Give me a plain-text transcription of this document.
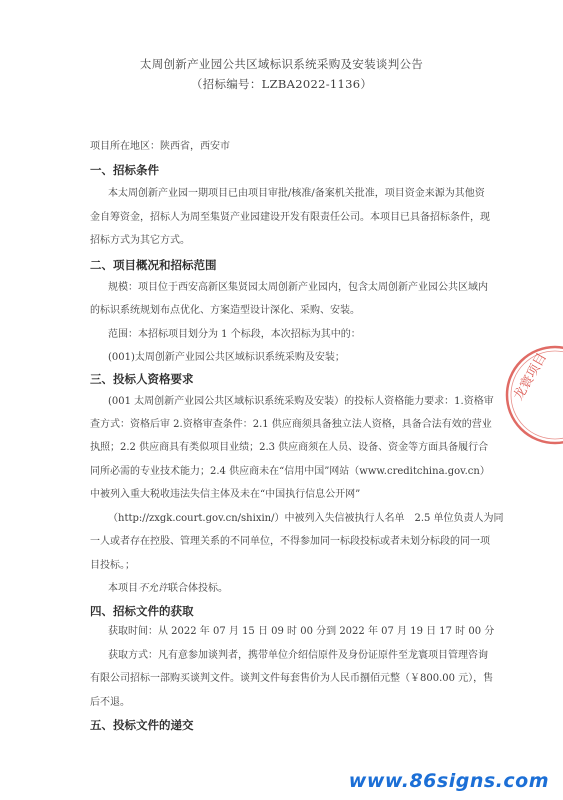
太周创新产业园公共区域标识系统采购及安装谈判公告
（招标编号：LZBA2022-1136）
项目所在地区：陕西省，西安市
一、招标条件
本太周创新产业园一期项目已由项目审批/核准/备案机关批准，项目资金来源为其他资
金自筹资金，招标人为周至集贤产业园建设开发有限责任公司。本项目已具备招标条件，现
招标方式为其它方式。
二、项目概况和招标范围
规模：项目位于西安高新区集贤园太周创新产业园内，包含太周创新产业园公共区域内
的标识系统规划布点优化、方案造型设计深化、采购、安装。
范围：本招标项目划分为 1 个标段，本次招标为其中的：
(001)太周创新产业园公共区域标识系统采购及安装；
三、投标人资格要求
(001 太周创新产业园公共区域标识系统采购及安装）的投标人资格能力要求：1.资格审
查方式：资格后审 2.资格审查条件：2.1 供应商须具备独立法人资格，具备合法有效的营业
执照；2.2 供应商具有类似项目业绩；2.3 供应商须在人员、设备、资金等方面具备履行合
同所必需的专业技术能力；2.4 供应商未在“信用中国”网站（www.creditchina.gov.cn）
中被列入重大税收违法失信主体及未在“中国执行信息公开网”
（http://zxgk.court.gov.cn/shixin/）中被列入失信被执行人名单　2.5 单位负责人为同
一人或者存在控股、管理关系的不同单位，不得参加同一标段投标或者未划分标段的同一项
目投标。；
本项目不允许联合体投标。
四、招标文件的获取
获取时间：从 2022 年 07 月 15 日 09 时 00 分到 2022 年 07 月 19 日 17 时 00 分
获取方式：凡有意参加谈判者，携带单位介绍信原件及身份证原件至龙寰项目管理咨询
有限公司招标一部购买谈判文件。谈判文件每套售价为人民币捌佰元整（￥800.00 元），售
后不退。
五、投标文件的递交
龙寰项目
www.86signs.com
